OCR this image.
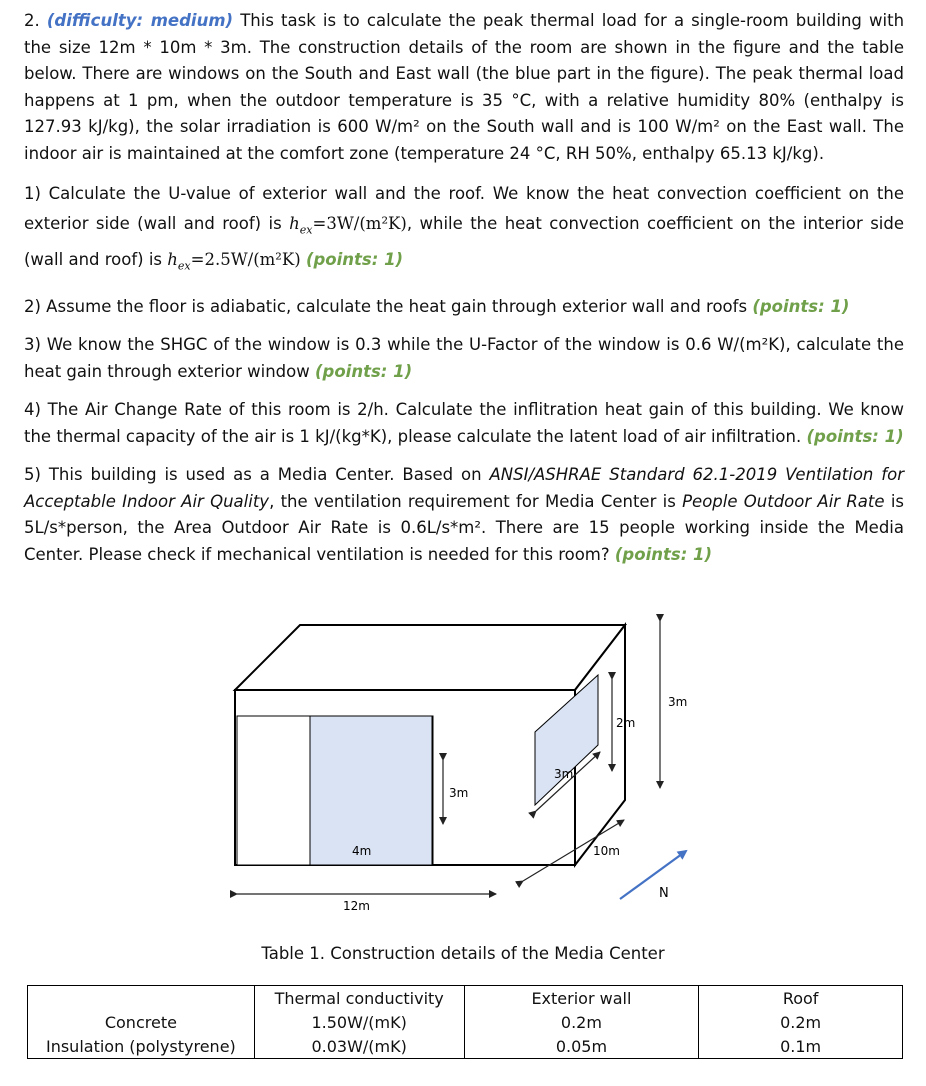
2. (difficulty: medium) This task is to calculate the peak thermal load for a single-room building with the size 12m * 10m * 3m. The construction details of the room are shown in the figure and the table below. There are windows on the South and East wall (the blue part in the figure). The peak thermal load happens at 1 pm, when the outdoor temperature is 35 °C, with a relative humidity 80% (enthalpy is 127.93 kJ/kg), the solar irradiation is 600 W/m² on the South wall and is 100 W/m² on the East wall. The indoor air is maintained at the comfort zone (temperature 24 °C, RH 50%, enthalpy 65.13 kJ/kg).

1) Calculate the U-value of exterior wall and the roof. We know the heat convection coefficient on the exterior side (wall and roof) is $h_{ex}=3W/(m^2K)$, while the heat convection coefficient on the interior side (wall and roof) is $h_{ex}=2.5W/(m^2K)$ (points: 1)

2) Assume the floor is adiabatic, calculate the heat gain through exterior wall and roofs (points: 1)

3) We know the SHGC of the window is 0.3 while the U-Factor of the window is 0.6 W/(m²K), calculate the heat gain through exterior window (points: 1)

4) The Air Change Rate of this room is 2/h. Calculate the inflitration heat gain of this building. We know the thermal capacity of the air is 1 kJ/(kg*K), please calculate the latent load of air infiltration. (points: 1)

5) This building is used as a Media Center. Based on ANSI/ASHRAE Standard 62.1-2019 Ventilation for Acceptable Indoor Air Quality, the ventilation requirement for Media Center is People Outdoor Air Rate is 5L/s*person, the Area Outdoor Air Rate is 0.6L/s*m². There are 15 people working inside the Media Center. Please check if mechanical ventilation is needed for this room? (points: 1)

4m
12m
3m
3m
2m
10m
3m
N
Table 1. Construction details of the Media Center
	Thermal conductivity	Exterior wall	Roof
Concrete	1.50W/(mK)	0.2m	0.2m
Insulation (polystyrene)	0.03W/(mK)	0.05m	0.1m
